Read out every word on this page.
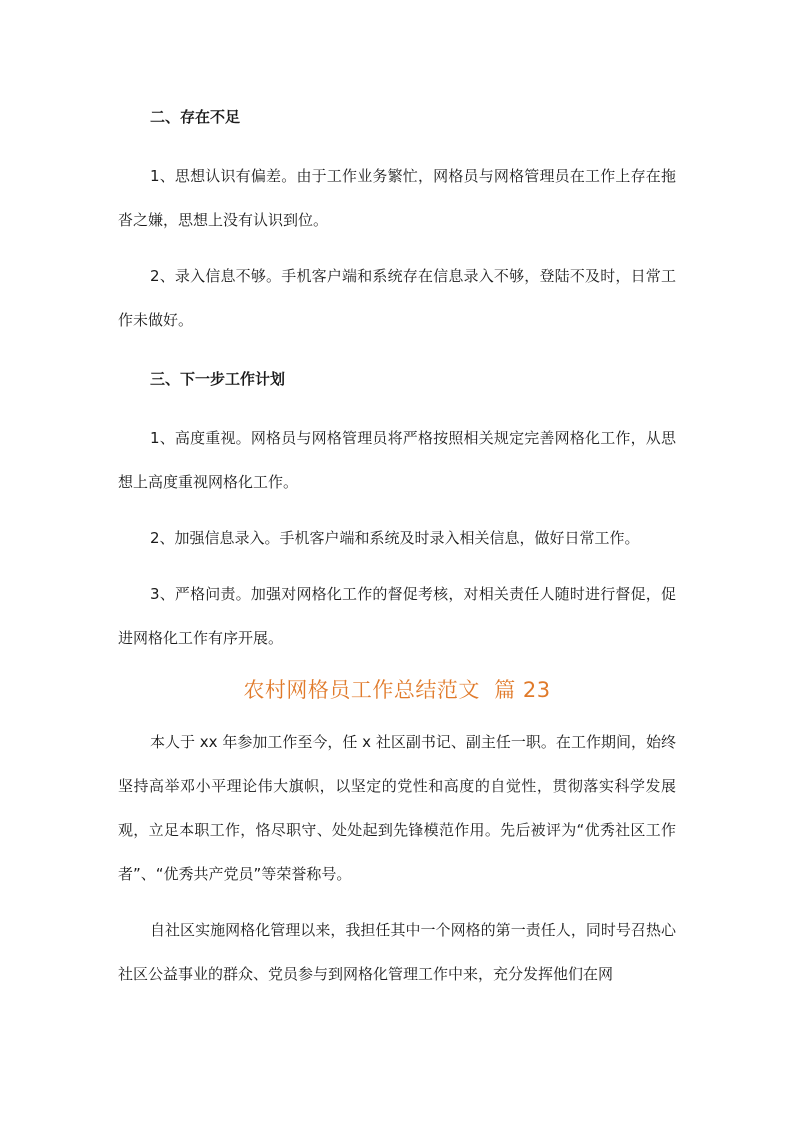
二、存在不足

1、思想认识有偏差。由于工作业务繁忙，网格员与网格管理员在工作上存在拖沓之嫌，思想上没有认识到位。

2、录入信息不够。手机客户端和系统存在信息录入不够，登陆不及时，日常工作未做好。

三、下一步工作计划

1、高度重视。网格员与网格管理员将严格按照相关规定完善网格化工作，从思想上高度重视网格化工作。

2、加强信息录入。手机客户端和系统及时录入相关信息，做好日常工作。

3、严格问责。加强对网格化工作的督促考核，对相关责任人随时进行督促，促进网格化工作有序开展。

农村网格员工作总结范文  篇 23

本人于 xx 年参加工作至今，任 x 社区副书记、副主任一职。在工作期间，始终坚持高举邓小平理论伟大旗帜，以坚定的党性和高度的自觉性，贯彻落实科学发展观，立足本职工作，恪尽职守、处处起到先锋模范作用。先后被评为“优秀社区工作者”、“优秀共产党员”等荣誉称号。

自社区实施网格化管理以来，我担任其中一个网格的第一责任人，同时号召热心社区公益事业的群众、党员参与到网格化管理工作中来，充分发挥他们在网
